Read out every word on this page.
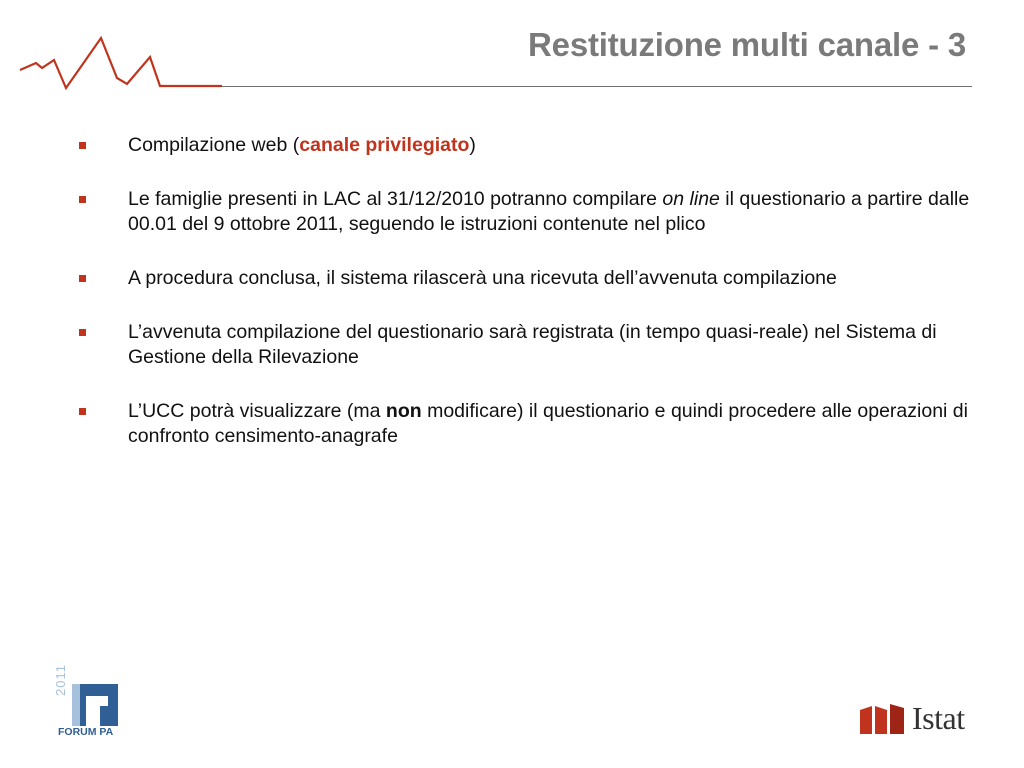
Restituzione multi canale - 3
Compilazione web (canale privilegiato)
Le famiglie presenti in LAC al 31/12/2010 potranno compilare on line il questionario a partire dalle 00.01 del 9 ottobre 2011, seguendo le istruzioni contenute nel plico
A procedura conclusa, il sistema rilascerà una ricevuta dell’avvenuta compilazione
L’avvenuta compilazione del questionario sarà registrata (in tempo quasi-reale) nel Sistema di Gestione della Rilevazione
L’UCC potrà visualizzare (ma non modificare) il questionario e quindi procedere alle operazioni di confronto censimento-anagrafe
2011
FORUM PA	Istat
